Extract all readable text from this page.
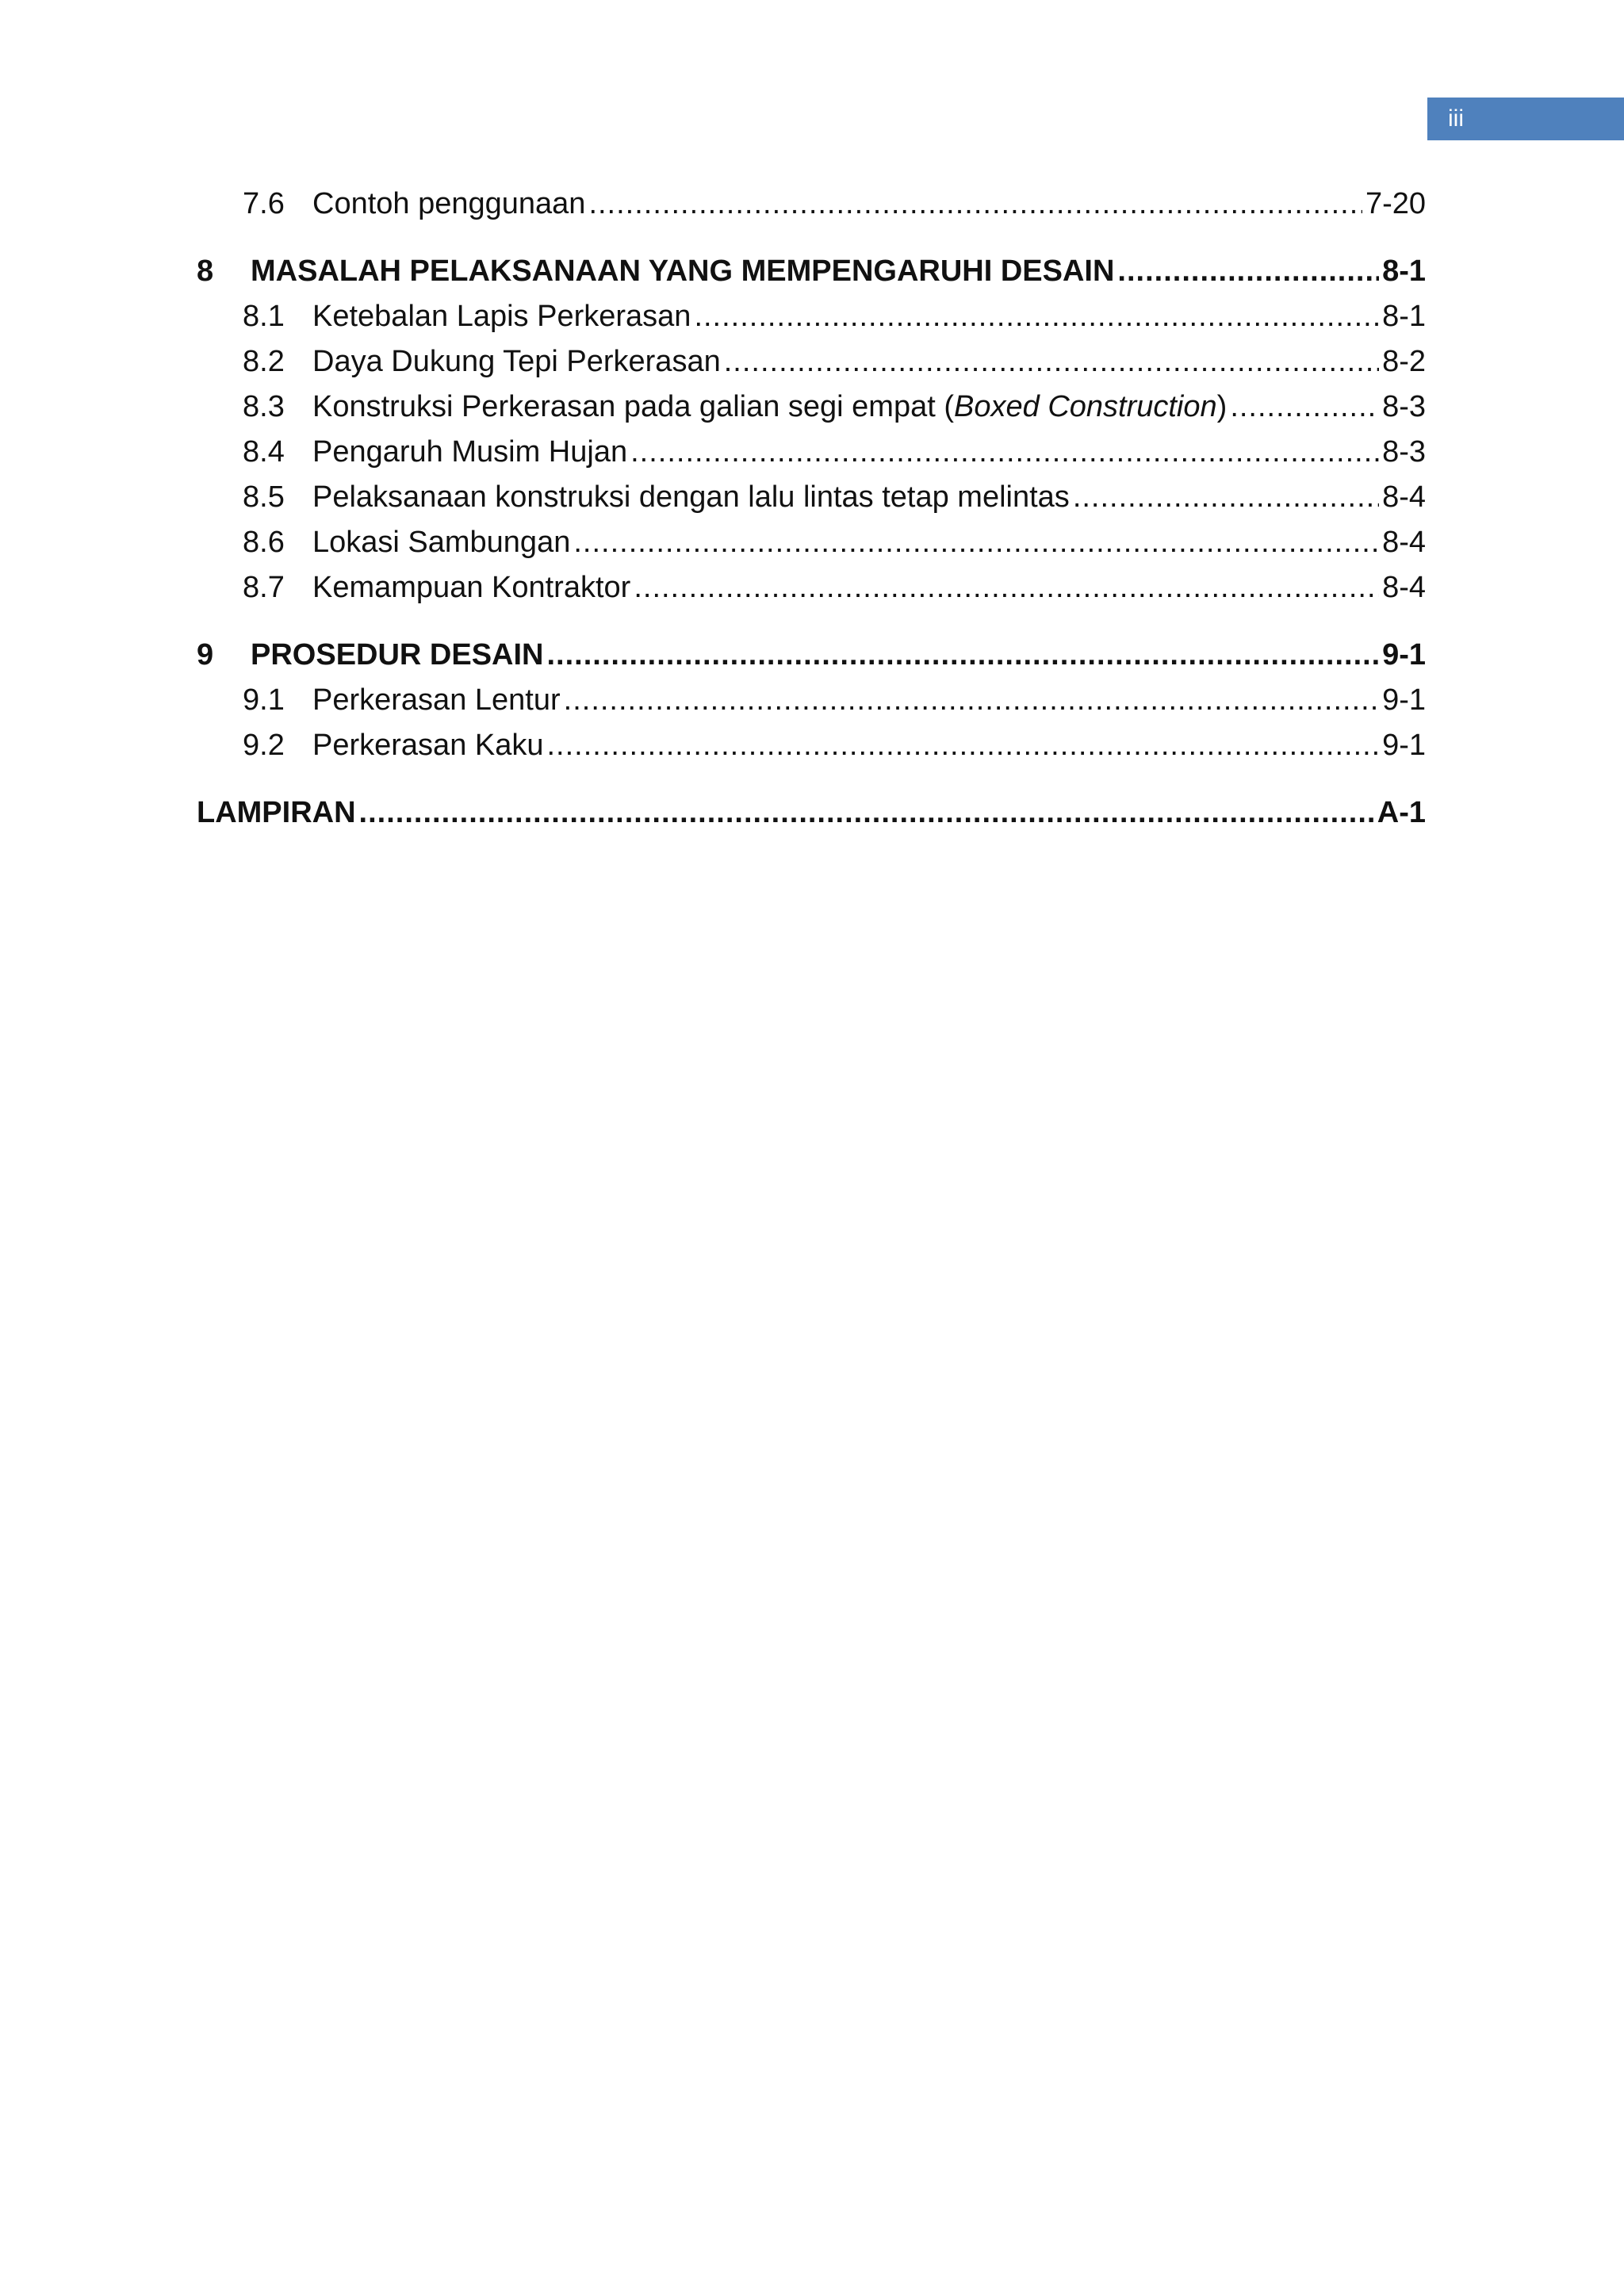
iii
7.6 Contoh penggunaan .....	7-20
8	MASALAH PELAKSANAAN YANG MEMPENGARUHI DESAIN .....	8-1
8.1 Ketebalan Lapis Perkerasan .....	8-1
8.2 Daya Dukung Tepi Perkerasan .....	8-2
8.3 Konstruksi Perkerasan pada galian segi empat (Boxed Construction) .....	8-3
8.4 Pengaruh Musim Hujan .....	8-3
8.5 Pelaksanaan konstruksi dengan lalu lintas tetap melintas .....	8-4
8.6 Lokasi Sambungan .....	8-4
8.7 Kemampuan Kontraktor .....	8-4
9	PROSEDUR DESAIN .....	9-1
9.1 Perkerasan Lentur .....	9-1
9.2 Perkerasan Kaku .....	9-1
LAMPIRAN .....	A-1
